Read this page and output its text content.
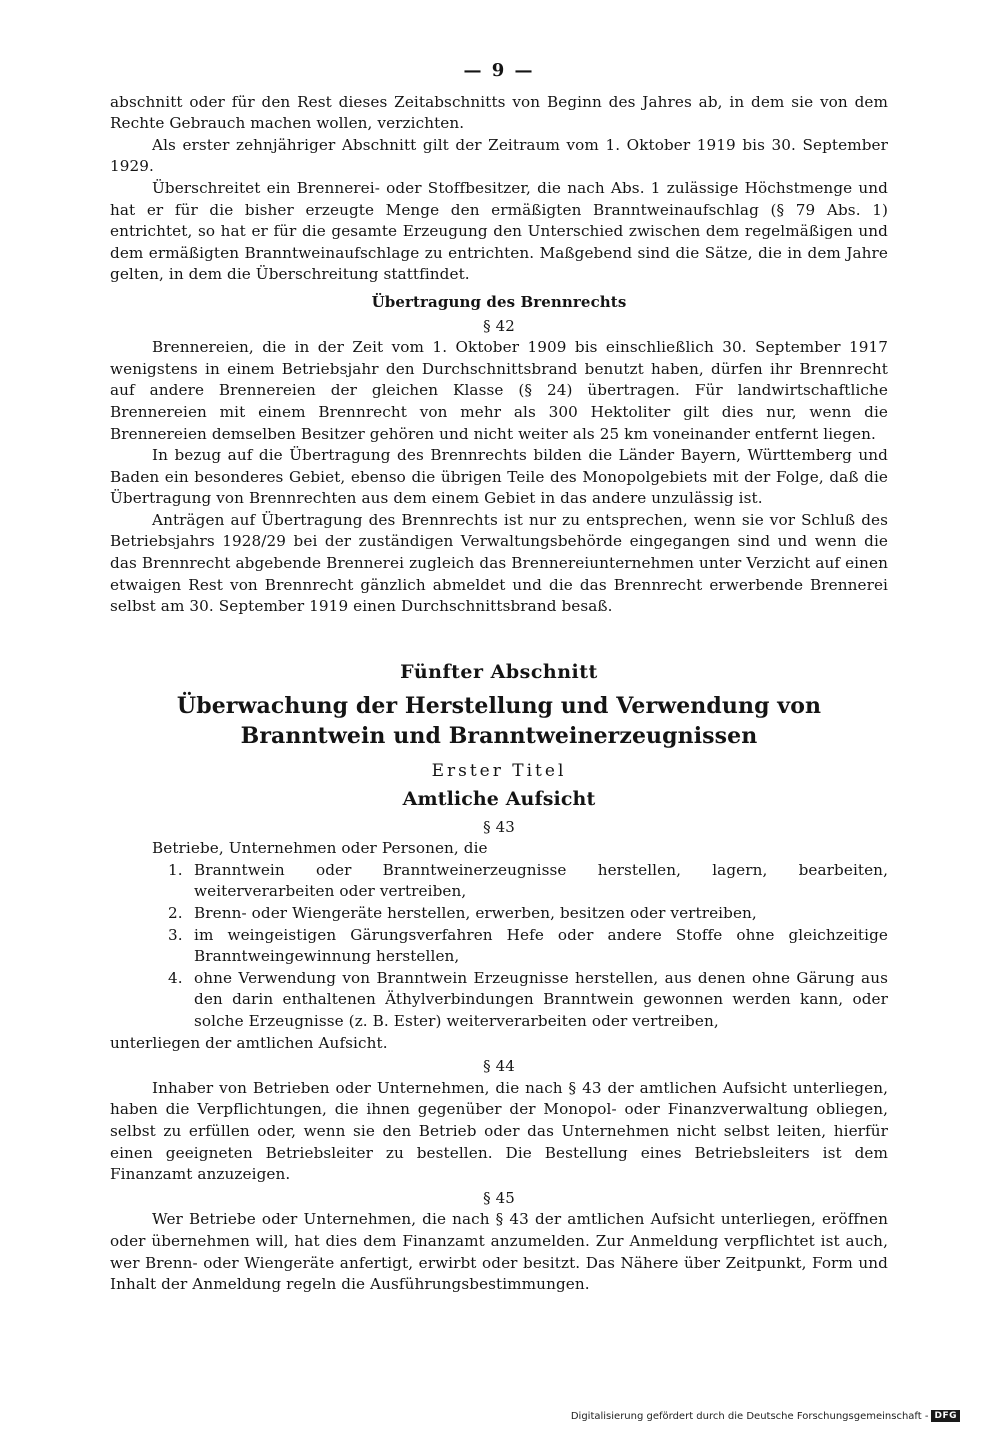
— 9 —

abschnitt oder für den Rest dieses Zeitabschnitts von Beginn des Jahres ab, in dem sie von dem Rechte Gebrauch machen wollen, verzichten.

Als erster zehnjähriger Abschnitt gilt der Zeitraum vom 1. Oktober 1919 bis 30. September 1929.

Überschreitet ein Brennerei- oder Stoffbesitzer, die nach Abs. 1 zulässige Höchstmenge und hat er für die bisher erzeugte Menge den ermäßigten Branntweinaufschlag (§ 79 Abs. 1) entrichtet, so hat er für die gesamte Erzeugung den Unterschied zwischen dem regelmäßigen und dem ermäßigten Branntweinaufschlage zu entrichten. Maßgebend sind die Sätze, die in dem Jahre gelten, in dem die Überschreitung stattfindet.

Übertragung des Brennrechts
§ 42

Brennereien, die in der Zeit vom 1. Oktober 1909 bis einschließlich 30. September 1917 wenigstens in einem Betriebsjahr den Durchschnittsbrand benutzt haben, dürfen ihr Brennrecht auf andere Brennereien der gleichen Klasse (§ 24) übertragen. Für landwirtschaftliche Brennereien mit einem Brennrecht von mehr als 300 Hektoliter gilt dies nur, wenn die Brennereien demselben Besitzer gehören und nicht weiter als 25 km voneinander entfernt liegen.

In bezug auf die Übertragung des Brennrechts bilden die Länder Bayern, Württemberg und Baden ein besonderes Gebiet, ebenso die übrigen Teile des Monopolgebiets mit der Folge, daß die Übertragung von Brennrechten aus dem einem Gebiet in das andere unzulässig ist.

Anträgen auf Übertragung des Brennrechts ist nur zu entsprechen, wenn sie vor Schluß des Betriebsjahrs 1928/29 bei der zuständigen Verwaltungsbehörde eingegangen sind und wenn die das Brennrecht abgebende Brennerei zugleich das Brennereiunternehmen unter Verzicht auf einen etwaigen Rest von Brennrecht gänzlich abmeldet und die das Brennrecht erwerbende Brennerei selbst am 30. September 1919 einen Durchschnittsbrand besaß.

Fünfter Abschnitt
Überwachung der Herstellung und Verwendung von Branntwein und Branntweinerzeugnissen
Erster Titel
Amtliche Aufsicht
§ 43

Betriebe, Unternehmen oder Personen, die

1. Branntwein oder Branntweinerzeugnisse herstellen, lagern, bearbeiten, weiterverarbeiten oder vertreiben,
2. Brenn- oder Wiengeräte herstellen, erwerben, besitzen oder vertreiben,
3. im weingeistigen Gärungsverfahren Hefe oder andere Stoffe ohne gleichzeitige Branntweingewinnung herstellen,
4. ohne Verwendung von Branntwein Erzeugnisse herstellen, aus denen ohne Gärung aus den darin enthaltenen Äthylverbindungen Branntwein gewonnen werden kann, oder solche Erzeugnisse (z. B. Ester) weiterverarbeiten oder vertreiben,

unterliegen der amtlichen Aufsicht.

§ 44

Inhaber von Betrieben oder Unternehmen, die nach § 43 der amtlichen Aufsicht unterliegen, haben die Verpflichtungen, die ihnen gegenüber der Monopol- oder Finanzverwaltung obliegen, selbst zu erfüllen oder, wenn sie den Betrieb oder das Unternehmen nicht selbst leiten, hierfür einen geeigneten Betriebsleiter zu bestellen. Die Bestellung eines Betriebsleiters ist dem Finanzamt anzuzeigen.

§ 45

Wer Betriebe oder Unternehmen, die nach § 43 der amtlichen Aufsicht unterliegen, eröffnen oder übernehmen will, hat dies dem Finanzamt anzumelden. Zur Anmeldung verpflichtet ist auch, wer Brenn- oder Wiengeräte anfertigt, erwirbt oder besitzt. Das Nähere über Zeitpunkt, Form und Inhalt der Anmeldung regeln die Ausführungsbestimmungen.

Digitalisierung gefördert durch die Deutsche Forschungsgemeinschaft - DFG
